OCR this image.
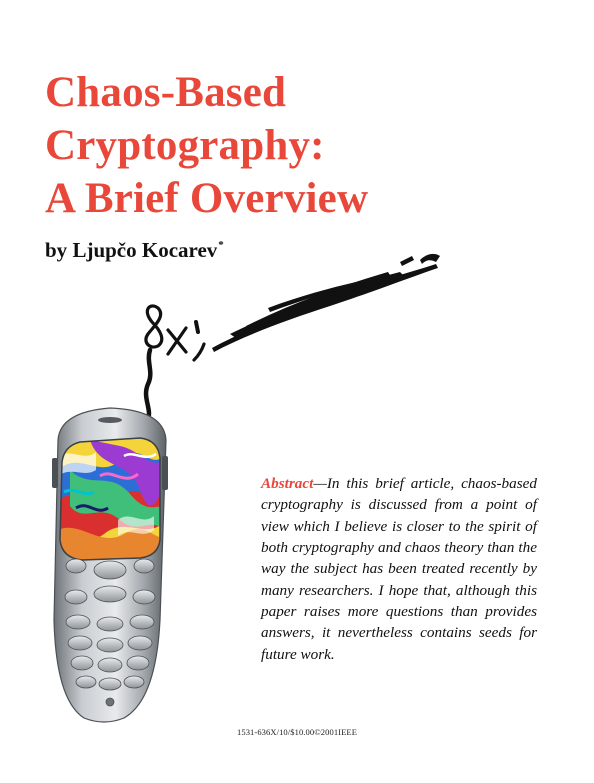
Chaos-Based
Cryptography:
A Brief Overview
by Ljupčo Kocarev*

Abstract—In this brief article, chaos-based cryptography is discussed from a point of view which I believe is closer to the spirit of both cryptography and chaos theory than the way the subject has been treated recently by many researchers. I hope that, although this paper raises more questions than provides answers, it nevertheless contains seeds for future work.

1531-636X/10/$10.00©2001IEEE
